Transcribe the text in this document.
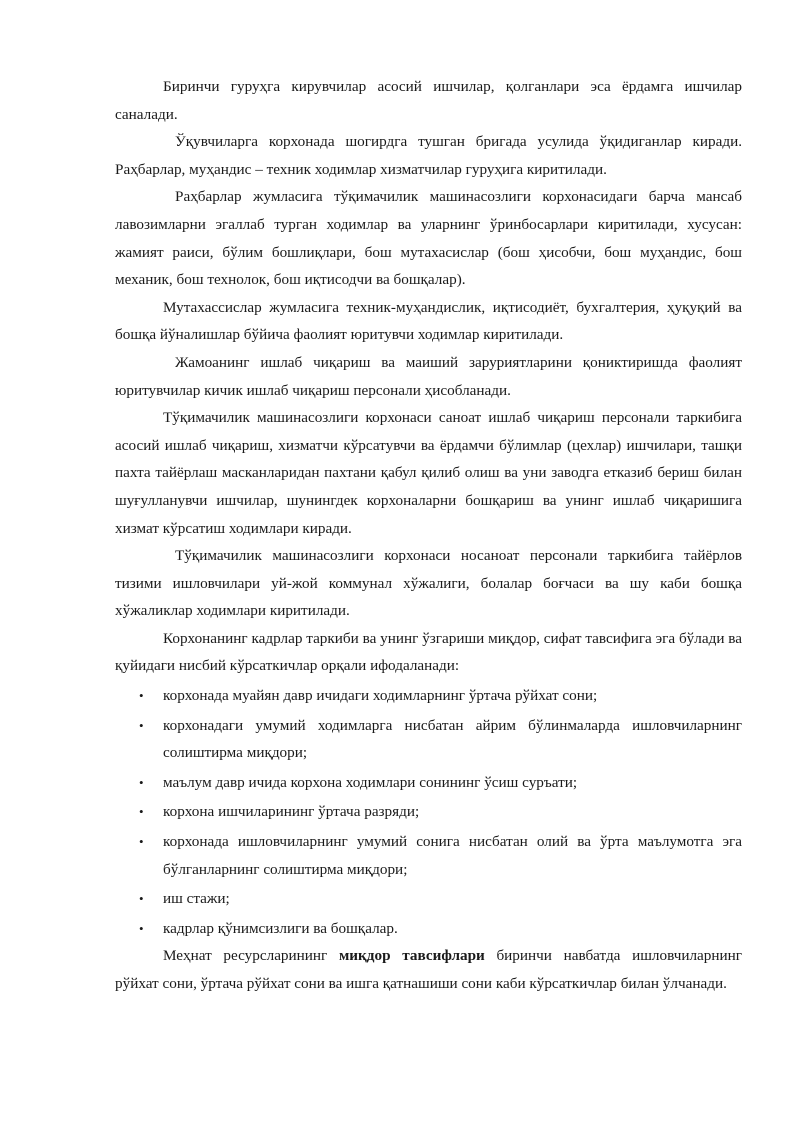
Биринчи гуруҳга кирувчилар асосий ишчилар, қолганлари эса ёрдамга ишчилар саналади.

Ўқувчиларга корхонада шогирдга тушган бригада усулида ўқидиганлар киради. Раҳбарлар, муҳандис – техник ходимлар хизматчилар гуруҳига киритилади.

Раҳбарлар жумласига тўқимачилик машинасозлиги корхонасидаги барча мансаб лавозимларни эгаллаб турган ходимлар ва уларнинг ўринбосарлари киритилади, хусусан: жамият раиси, бўлим бошлиқлари, бош мутахасислар (бош ҳисобчи, бош муҳандис, бош механик, бош технолок, бош иқтисодчи ва бошқалар).

Мутахассислар жумласига техник-муҳандислик, иқтисодиёт, бухгалтерия, ҳуқуқий ва бошқа йўналишлар бўйича фаолият юритувчи ходимлар киритилади.

Жамоанинг ишлаб чиқариш ва маиший заруриятларини қониктиришда фаолият юритувчилар кичик ишлаб чиқариш персонали ҳисобланади.

Тўқимачилик машинасозлиги корхонаси саноат ишлаб чиқариш персонали таркибига асосий ишлаб чиқариш, хизматчи кўрсатувчи ва ёрдамчи бўлимлар (цехлар) ишчилари, ташқи пахта тайёрлаш масканларидан пахтани қабул қилиб олиш ва уни заводга етказиб бериш билан шуғулланувчи ишчилар, шунингдек корхоналарни бошқариш ва унинг ишлаб чиқаришига хизмат кўрсатиш ходимлари киради.

Тўқимачилик машинасозлиги корхонаси носаноат персонали таркибига тайёрлов тизими ишловчилари уй-жой коммунал хўжалиги, болалар боғчаси ва шу каби бошқа хўжаликлар ходимлари киритилади.

Корхонанинг кадрлар таркиби ва унинг ўзгариши миқдор, сифат тавсифига эга бўлади ва қуйидаги нисбий кўрсаткичлар орқали ифодаланади:

• корхонада муайян давр ичидаги ходимларнинг ўртача рўйхат сони;
• корхонадаги умумий ходимларга нисбатан айрим бўлинмаларда ишловчиларнинг солиштирма миқдори;
• маълум давр ичида корхона ходимлари сонининг ўсиш суръати;
• корхона ишчиларининг ўртача разряди;
• корхонада ишловчиларнинг умумий сонига нисбатан олий ва ўрта маълумотга эга бўлганларнинг солиштирма миқдори;
• иш стажи;
• кадрлар қўнимсизлиги ва бошқалар.

Меҳнат ресурсларининг миқдор тавсифлари биринчи навбатда ишловчиларнинг рўйхат сони, ўртача рўйхат сони ва ишга қатнашиши сони каби кўрсаткичлар билан ўлчанади.
